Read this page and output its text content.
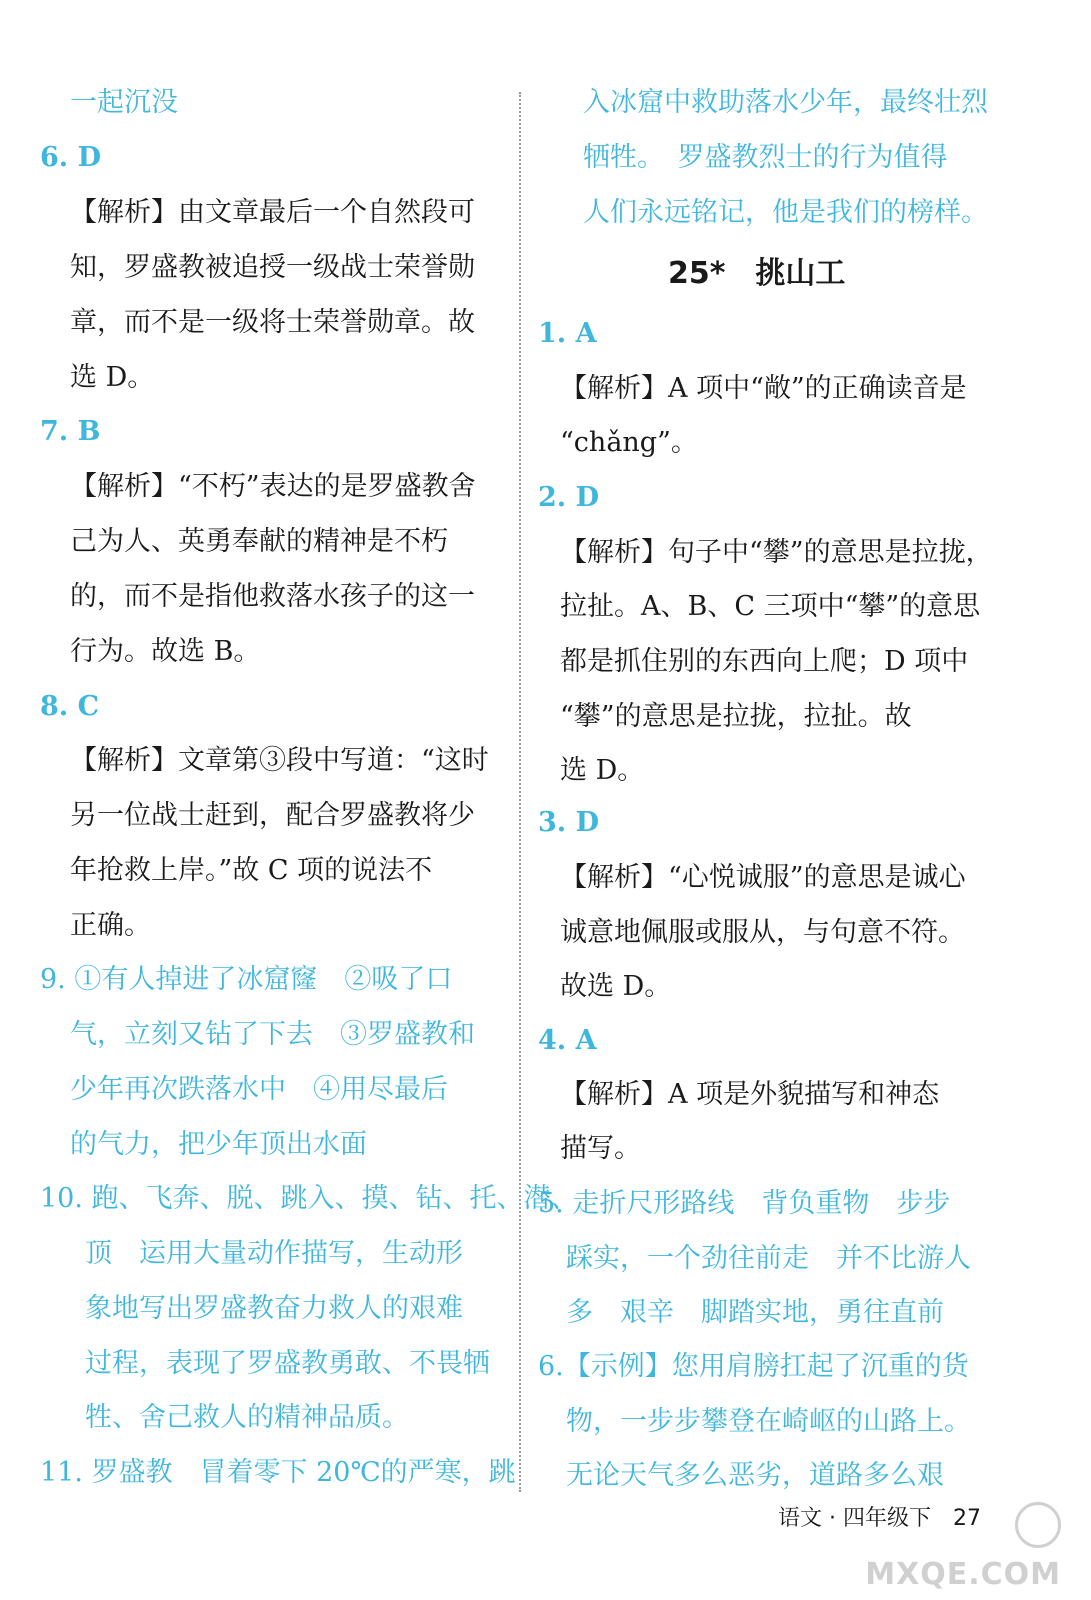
一起沉没
6. D
【解析】由文章最后一个自然段可
知，罗盛教被追授一级战士荣誉勋
章，而不是一级将士荣誉勋章。故
选 D。
7. B
【解析】“不朽”表达的是罗盛教舍
己为人、英勇奉献的精神是不朽
的，而不是指他救落水孩子的这一
行为。故选 B。
8. C
【解析】文章第③段中写道：“这时
另一位战士赶到，配合罗盛教将少
年抢救上岸。”故 C 项的说法不
正确。
9. ①有人掉进了冰窟窿　②吸了口
气，立刻又钻了下去　③罗盛教和
少年再次跌落水中　④用尽最后
的气力，把少年顶出水面
10. 跑、飞奔、脱、跳入、摸、钻、托、潜、
顶　运用大量动作描写，生动形
象地写出罗盛教奋力救人的艰难
过程，表现了罗盛教勇敢、不畏牺
牲、舍己救人的精神品质。
11. 罗盛教　冒着零下 20℃的严寒，跳
25*　挑山工
入冰窟中救助落水少年，最终壮烈
牺牲。　罗盛教烈士的行为值得
人们永远铭记，他是我们的榜样。
1. A
【解析】A 项中“敞”的正确读音是
“chǎng”。
2. D
【解析】句子中“攀”的意思是拉拢，
拉扯。A、B、C 三项中“攀”的意思
都是抓住别的东西向上爬；D 项中
“攀”的意思是拉拢，拉扯。故
选 D。
3. D
【解析】“心悦诚服”的意思是诚心
诚意地佩服或服从，与句意不符。
故选 D。
4. A
【解析】A 项是外貌描写和神态
描写。
5. 走折尺形路线　背负重物　步步
踩实，一个劲往前走　并不比游人
多　艰辛　脚踏实地，勇往直前
6.【示例】您用肩膀扛起了沉重的货
物，一步步攀登在崎岖的山路上。
无论天气多么恶劣，道路多么艰
语文 · 四年级下　27
MXQE.COM
